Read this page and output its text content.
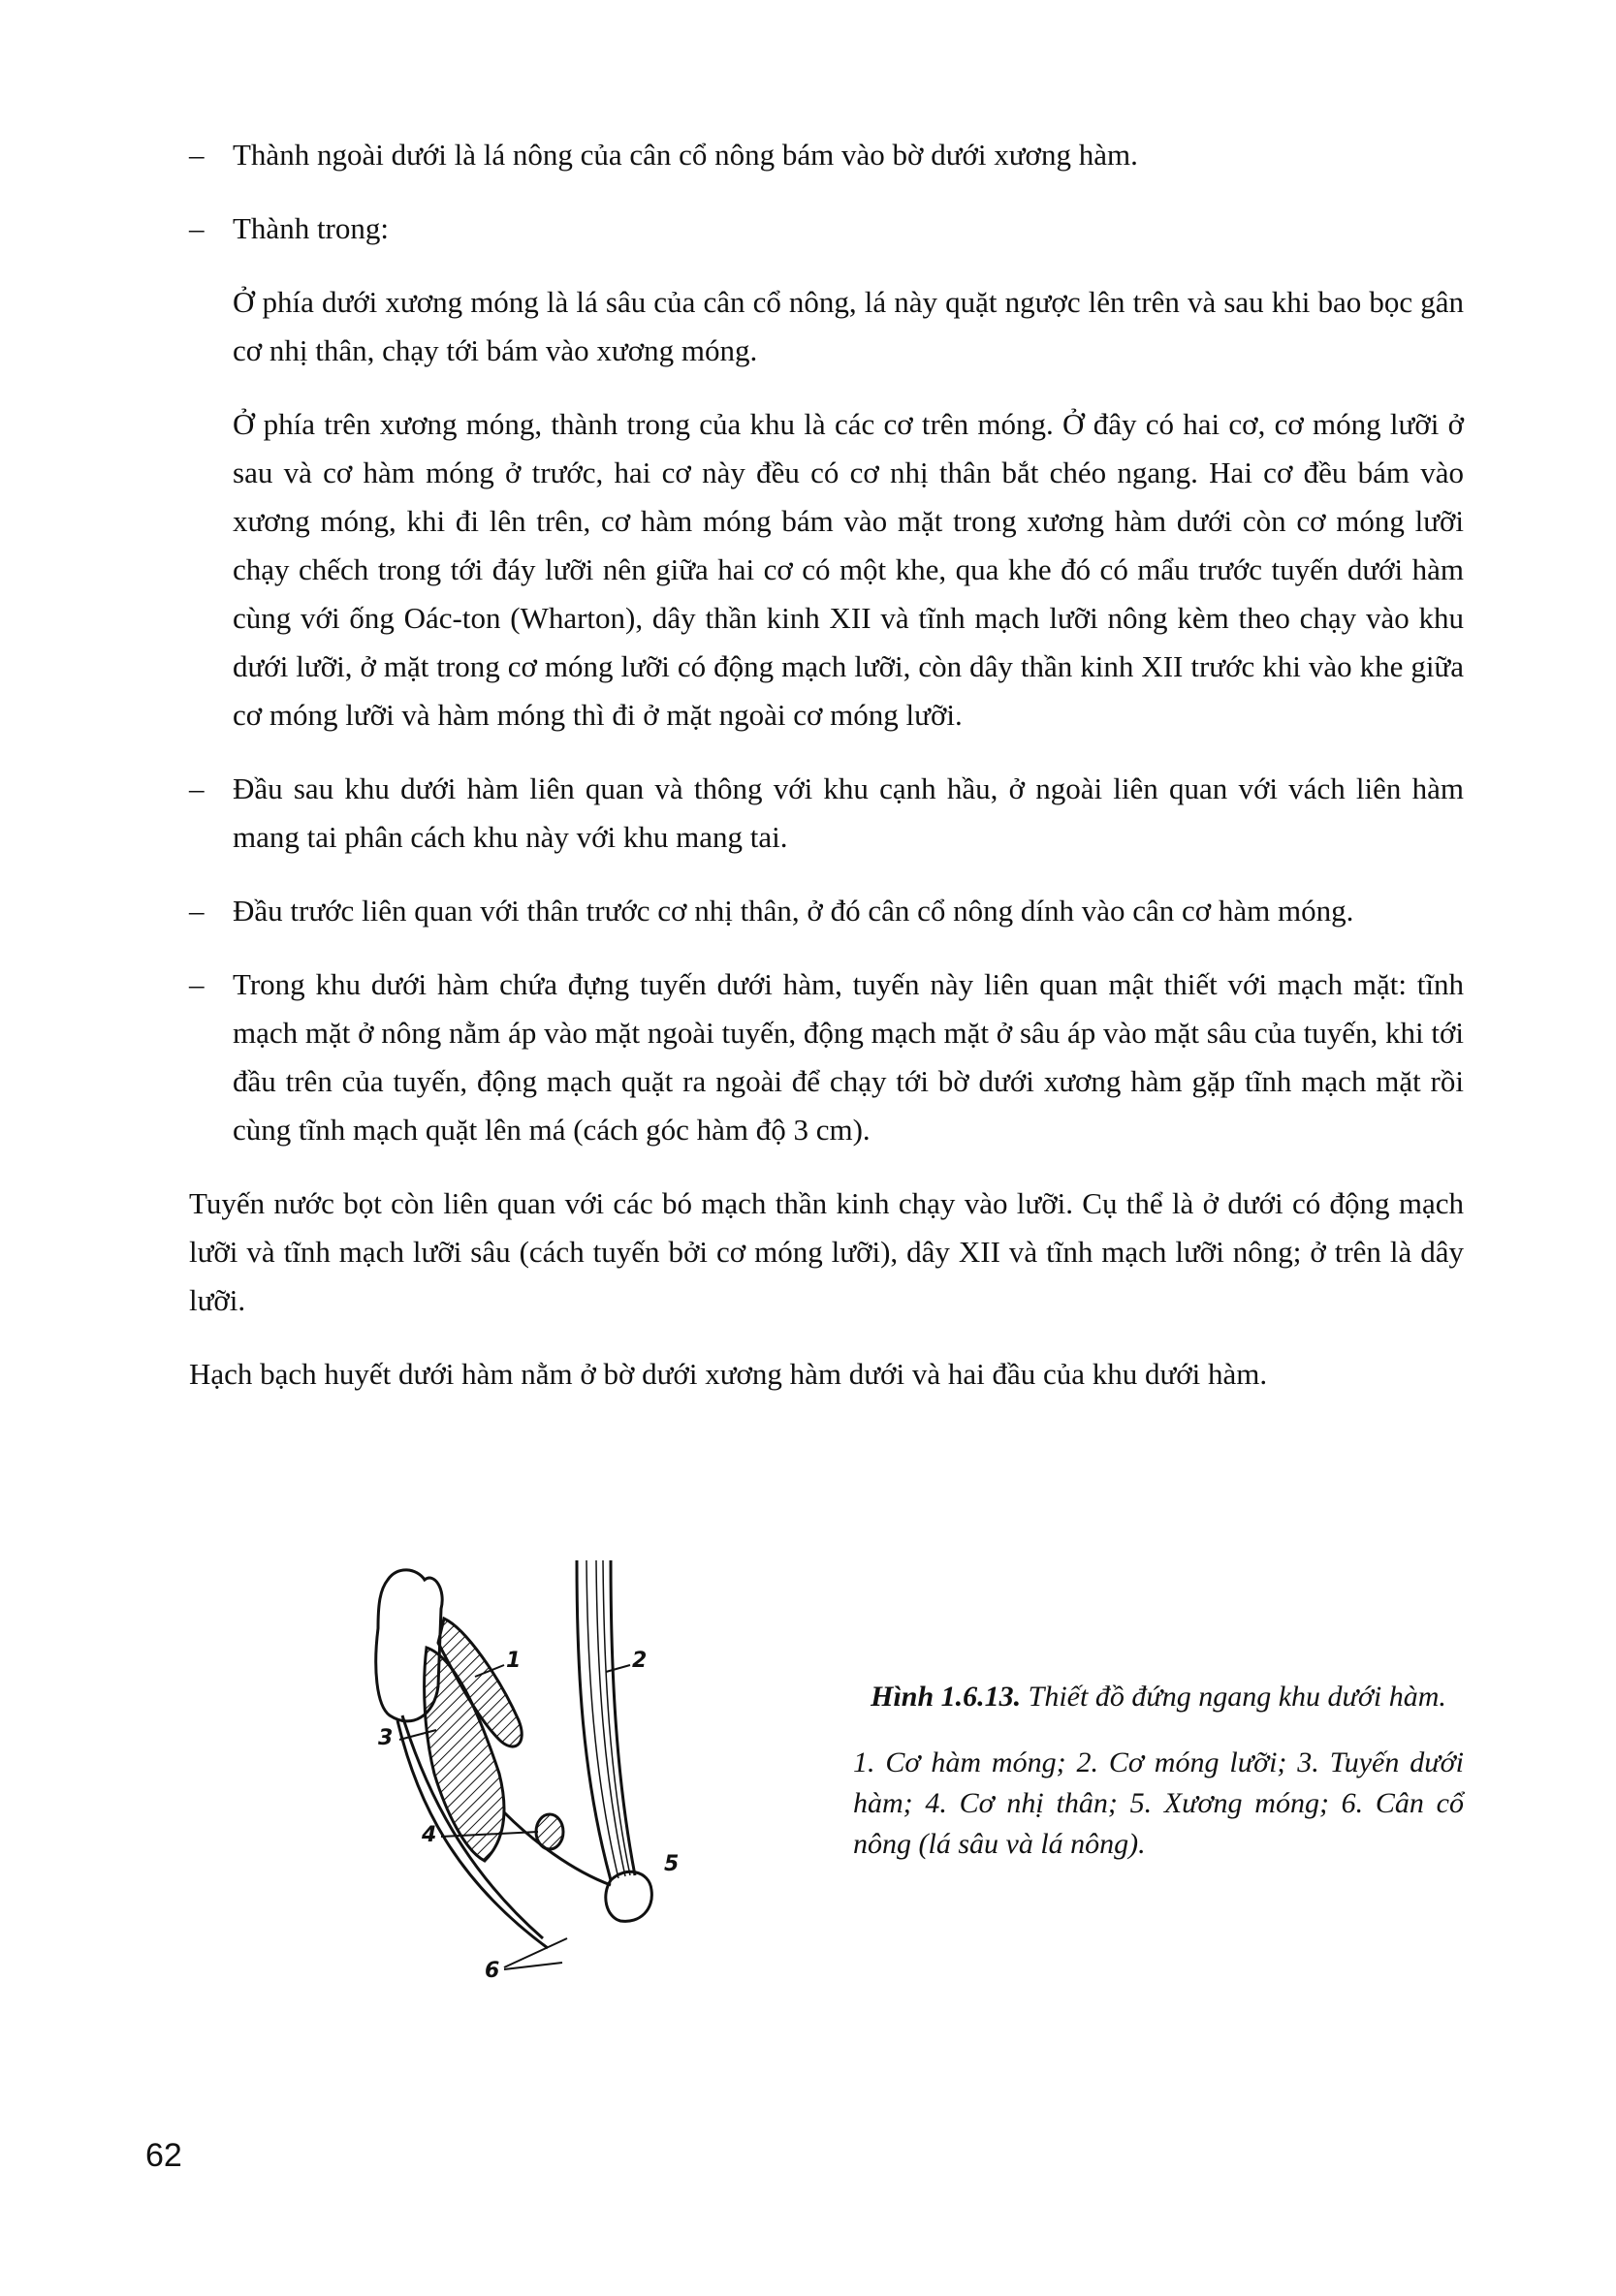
– Thành ngoài dưới là lá nông của cân cổ nông bám vào bờ dưới xương hàm.
– Thành trong:
Ở phía dưới xương móng là lá sâu của cân cổ nông, lá này quặt ngược lên trên và sau khi bao bọc gân cơ nhị thân, chạy tới bám vào xương móng.
Ở phía trên xương móng, thành trong của khu là các cơ trên móng. Ở đây có hai cơ, cơ móng lưỡi ở sau và cơ hàm móng ở trước, hai cơ này đều có cơ nhị thân bắt chéo ngang. Hai cơ đều bám vào xương móng, khi đi lên trên, cơ hàm móng bám vào mặt trong xương hàm dưới còn cơ móng lưỡi chạy chếch trong tới đáy lưỡi nên giữa hai cơ có một khe, qua khe đó có mẩu trước tuyến dưới hàm cùng với ống Oác-ton (Wharton), dây thần kinh XII và tĩnh mạch lưỡi nông kèm theo chạy vào khu dưới lưỡi, ở mặt trong cơ móng lưỡi có động mạch lưỡi, còn dây thần kinh XII trước khi vào khe giữa cơ móng lưỡi và hàm móng thì đi ở mặt ngoài cơ móng lưỡi.
– Đầu sau khu dưới hàm liên quan và thông với khu cạnh hầu, ở ngoài liên quan với vách liên hàm mang tai phân cách khu này với khu mang tai.
– Đầu trước liên quan với thân trước cơ nhị thân, ở đó cân cổ nông dính vào cân cơ hàm móng.
– Trong khu dưới hàm chứa đựng tuyến dưới hàm, tuyến này liên quan mật thiết với mạch mặt: tĩnh mạch mặt ở nông nằm áp vào mặt ngoài tuyến, động mạch mặt ở sâu áp vào mặt sâu của tuyến, khi tới đầu trên của tuyến, động mạch quặt ra ngoài để chạy tới bờ dưới xương hàm gặp tĩnh mạch mặt rồi cùng tĩnh mạch quặt lên má (cách góc hàm độ 3 cm).
Tuyến nước bọt còn liên quan với các bó mạch thần kinh chạy vào lưỡi. Cụ thể là ở dưới có động mạch lưỡi và tĩnh mạch lưỡi sâu (cách tuyến bởi cơ móng lưỡi), dây XII và tĩnh mạch lưỡi nông; ở trên là dây lưỡi.
Hạch bạch huyết dưới hàm nằm ở bờ dưới xương hàm dưới và hai đầu của khu dưới hàm.
1	2
3
4
5
6
Hình 1.6.13. Thiết đồ đứng ngang khu dưới hàm.
1. Cơ hàm móng; 2. Cơ móng lưỡi; 3. Tuyến dưới hàm; 4. Cơ nhị thân; 5. Xương móng; 6. Cân cổ nông (lá sâu và lá nông).
62
